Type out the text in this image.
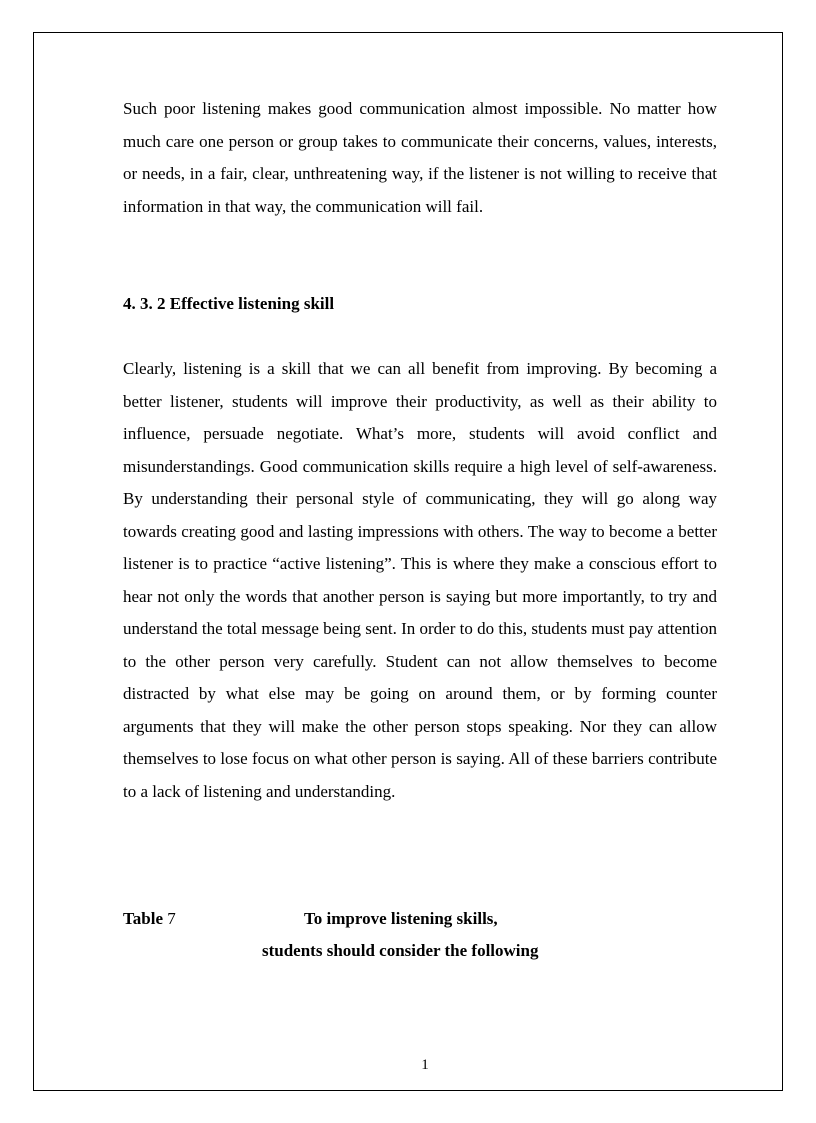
Such poor listening makes good communication almost impossible. No matter how much care one person or group takes to communicate their concerns, values, interests, or needs, in a fair, clear, unthreatening way, if the listener is not willing to receive that information in that way, the communication will fail.

4. 3. 2 Effective listening skill

Clearly, listening is a skill that we can all benefit from improving. By becoming a better listener, students will improve their productivity, as well as their ability to influence, persuade negotiate. What’s more, students will avoid conflict and misunderstandings. Good communication skills require a high level of self-awareness. By understanding their personal style of communicating, they will go along way towards creating good and lasting impressions with others. The way to become a better listener is to practice “active listening”. This is where they make a conscious effort to hear not only the words that another person is saying but more importantly, to try and understand the total message being sent. In order to do this, students must pay attention to the other person very carefully. Student can not allow themselves to become distracted by what else may be going on around them, or by forming counter arguments that they will make the other person stops speaking. Nor they can allow themselves to lose focus on what other person is saying. All of these barriers contribute to a lack of listening and understanding.

Table 7	To improve listening skills,
students should consider the following
1
